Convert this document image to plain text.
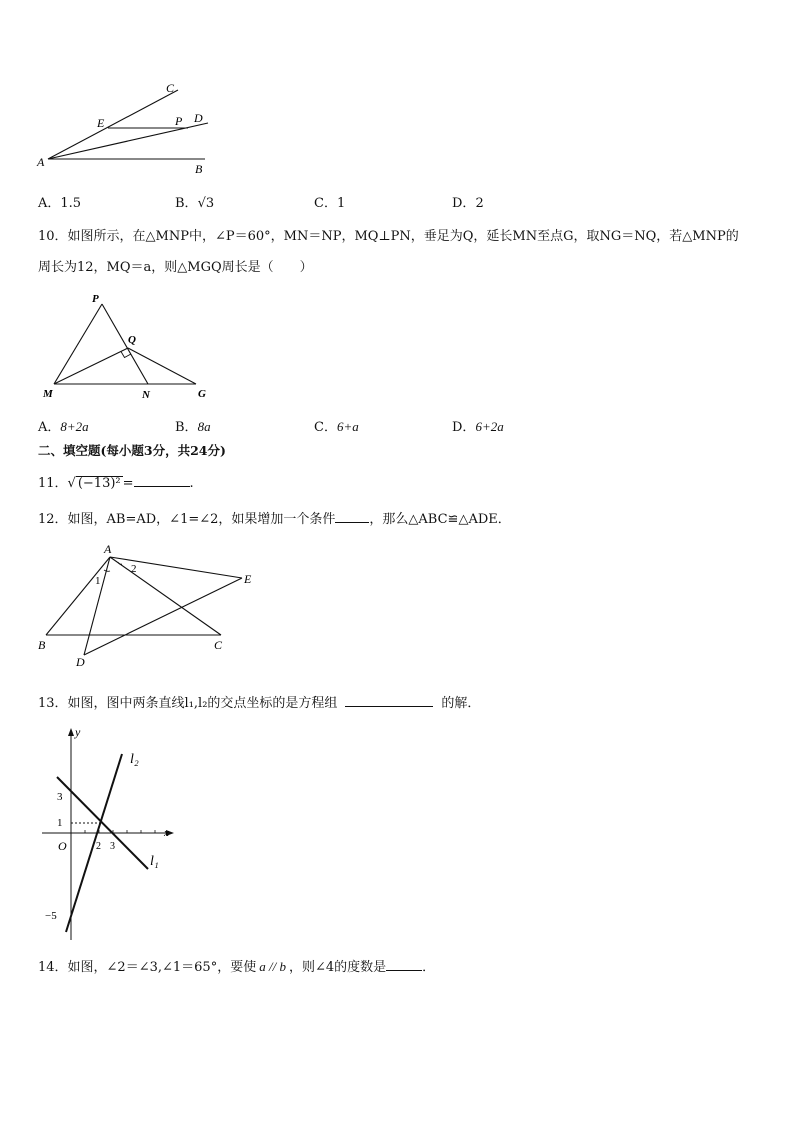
C
D
E	P
A	B
A．1.5	B．√3	C．1	D．2
10．如图所示，在△MNP中，∠P＝60°，MN＝NP，MQ⊥PN，垂足为Q，延长MN至点G，取NG＝NQ，若△MNP的
周长为12，MQ＝a，则△MGQ周长是（　　）
P
Q
M	N	G
A．8+2a	B．8a	C．6+a	D．6+2a
二、填空题(每小题3分，共24分)
11．√ (−13)² =	.
12．如图，AB=AD，∠1=∠2，如果增加一个条件	，那么△ABC≌△ADE．
A
1
2
E
B	C
D
13．如图，图中两条直线l₁,l₂的交点坐标的是方程组	的解．
y
x
O
l₂
l₁
3
1
−5
2 3
14．如图，∠2＝∠3,∠1＝65°，要使 a // b ，则∠4的度数是	．
